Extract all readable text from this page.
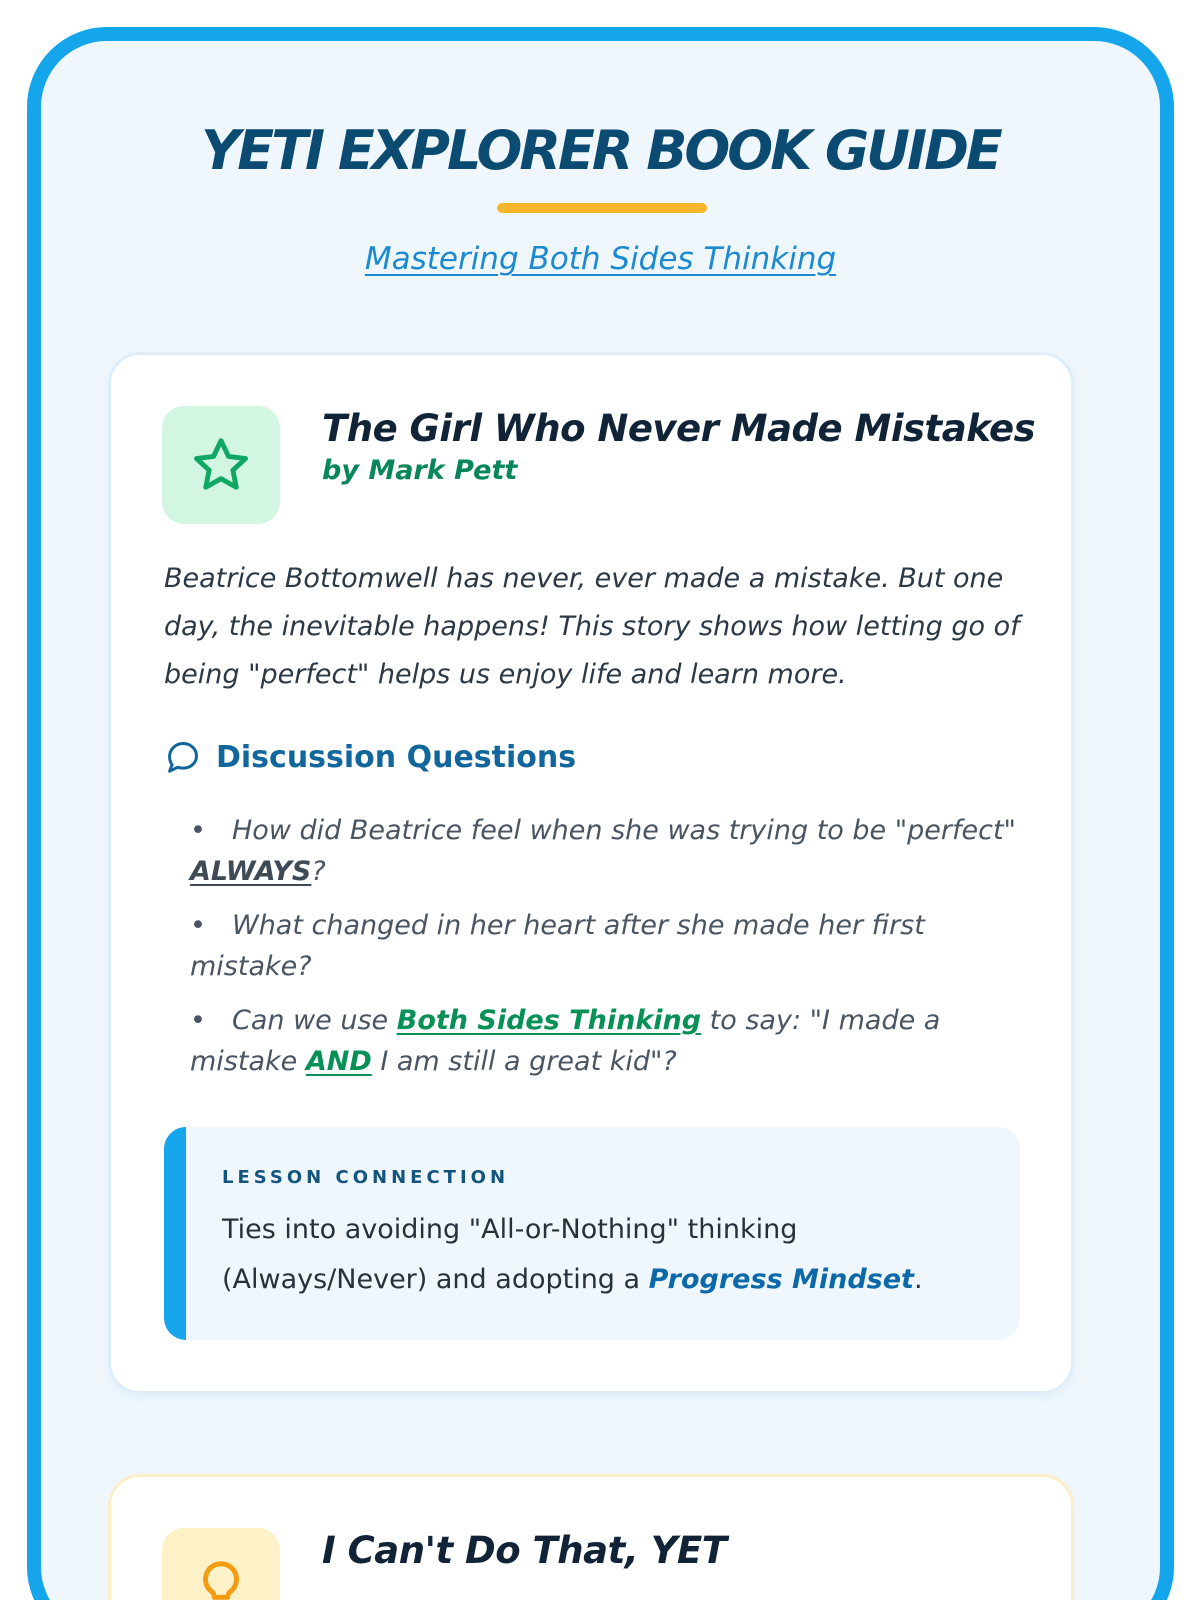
YETI EXPLORER BOOK GUIDE
Mastering Both Sides Thinking
The Girl Who Never Made Mistakes
by Mark Pett

Beatrice Bottomwell has never, ever made a mistake. But one day, the inevitable happens! This story shows how letting go of being "perfect" helps us enjoy life and learn more.

Discussion Questions
• How did Beatrice feel when she was trying to be "perfect" ALWAYS?
• What changed in her heart after she made her first mistake?
• Can we use Both Sides Thinking to say: "I made a mistake AND I am still a great kid"?
LESSON CONNECTION

Ties into avoiding "All-or-Nothing" thinking (Always/Never) and adopting a Progress Mindset.

I Can't Do That, YET
